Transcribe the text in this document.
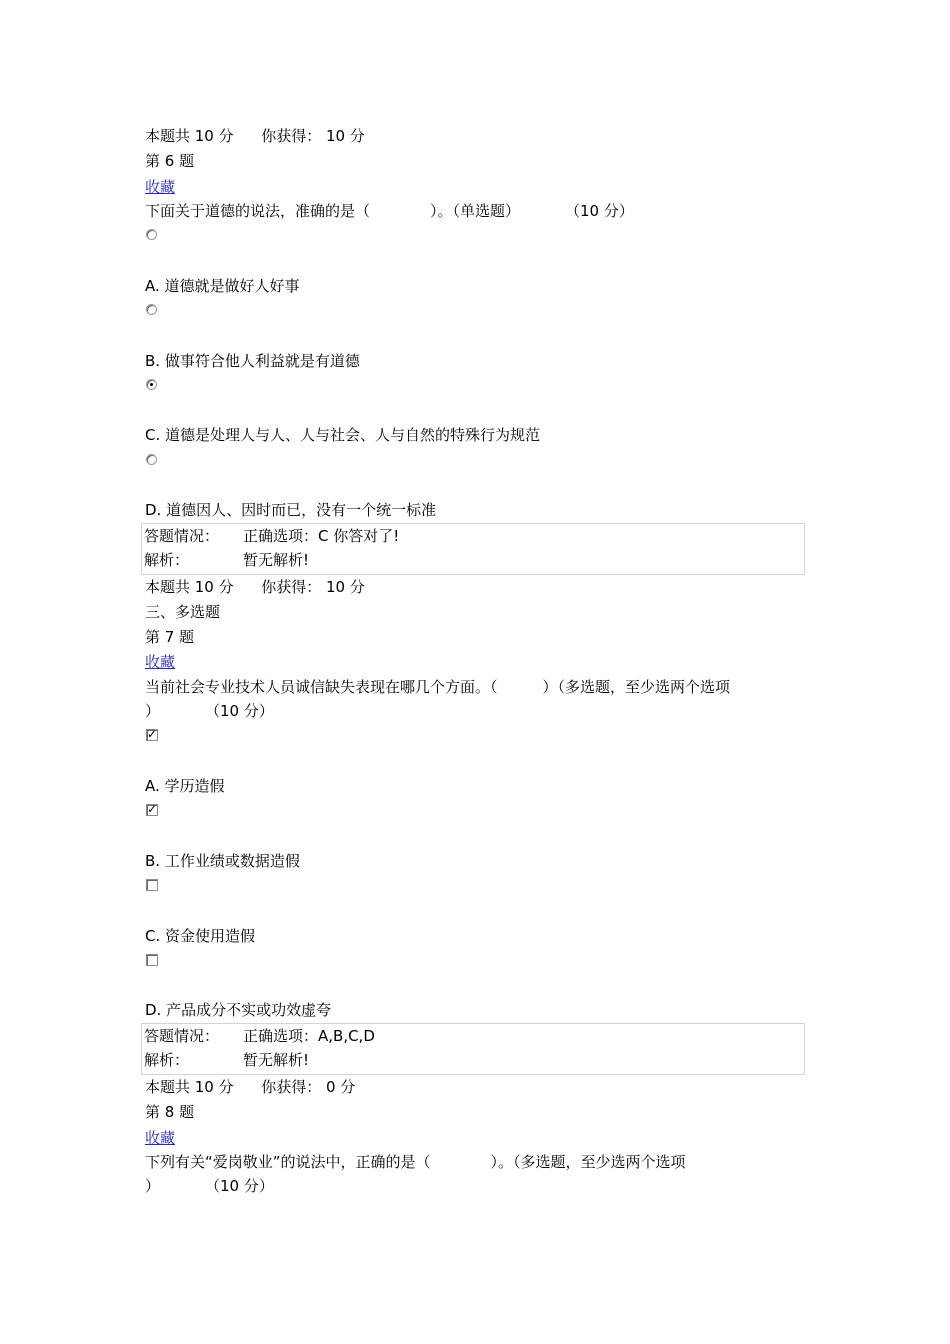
本题共 10 分 你获得： 10 分
第 6 题
收藏
下面关于道德的说法，准确的是（　　　　）。（单选题）　　　　（10 分）
A. 道德就是做好人好事
B. 做事符合他人利益就是有道德
C. 道德是处理人与人、人与社会、人与自然的特殊行为规范
D. 道德因人、因时而已，没有一个统一标准
答题情况： 正确选项：C 你答对了!
解析：	暂无解析!
本题共 10 分 你获得： 10 分
三、多选题
第 7 题
收藏
当前社会专业技术人员诚信缺失表现在哪几个方面。（　　　）（多选题，至少选两个选项
）　　　　（10 分）
✓
A. 学历造假
✓
B. 工作业绩或数据造假
C. 资金使用造假
D. 产品成分不实或功效虚夸
答题情况： 正确选项：A,B,C,D
解析：	暂无解析!
本题共 10 分 你获得： 0 分
第 8 题
收藏
下列有关“爱岗敬业”的说法中，正确的是（　　　　）。（多选题，至少选两个选项
）　　　　（10 分）
